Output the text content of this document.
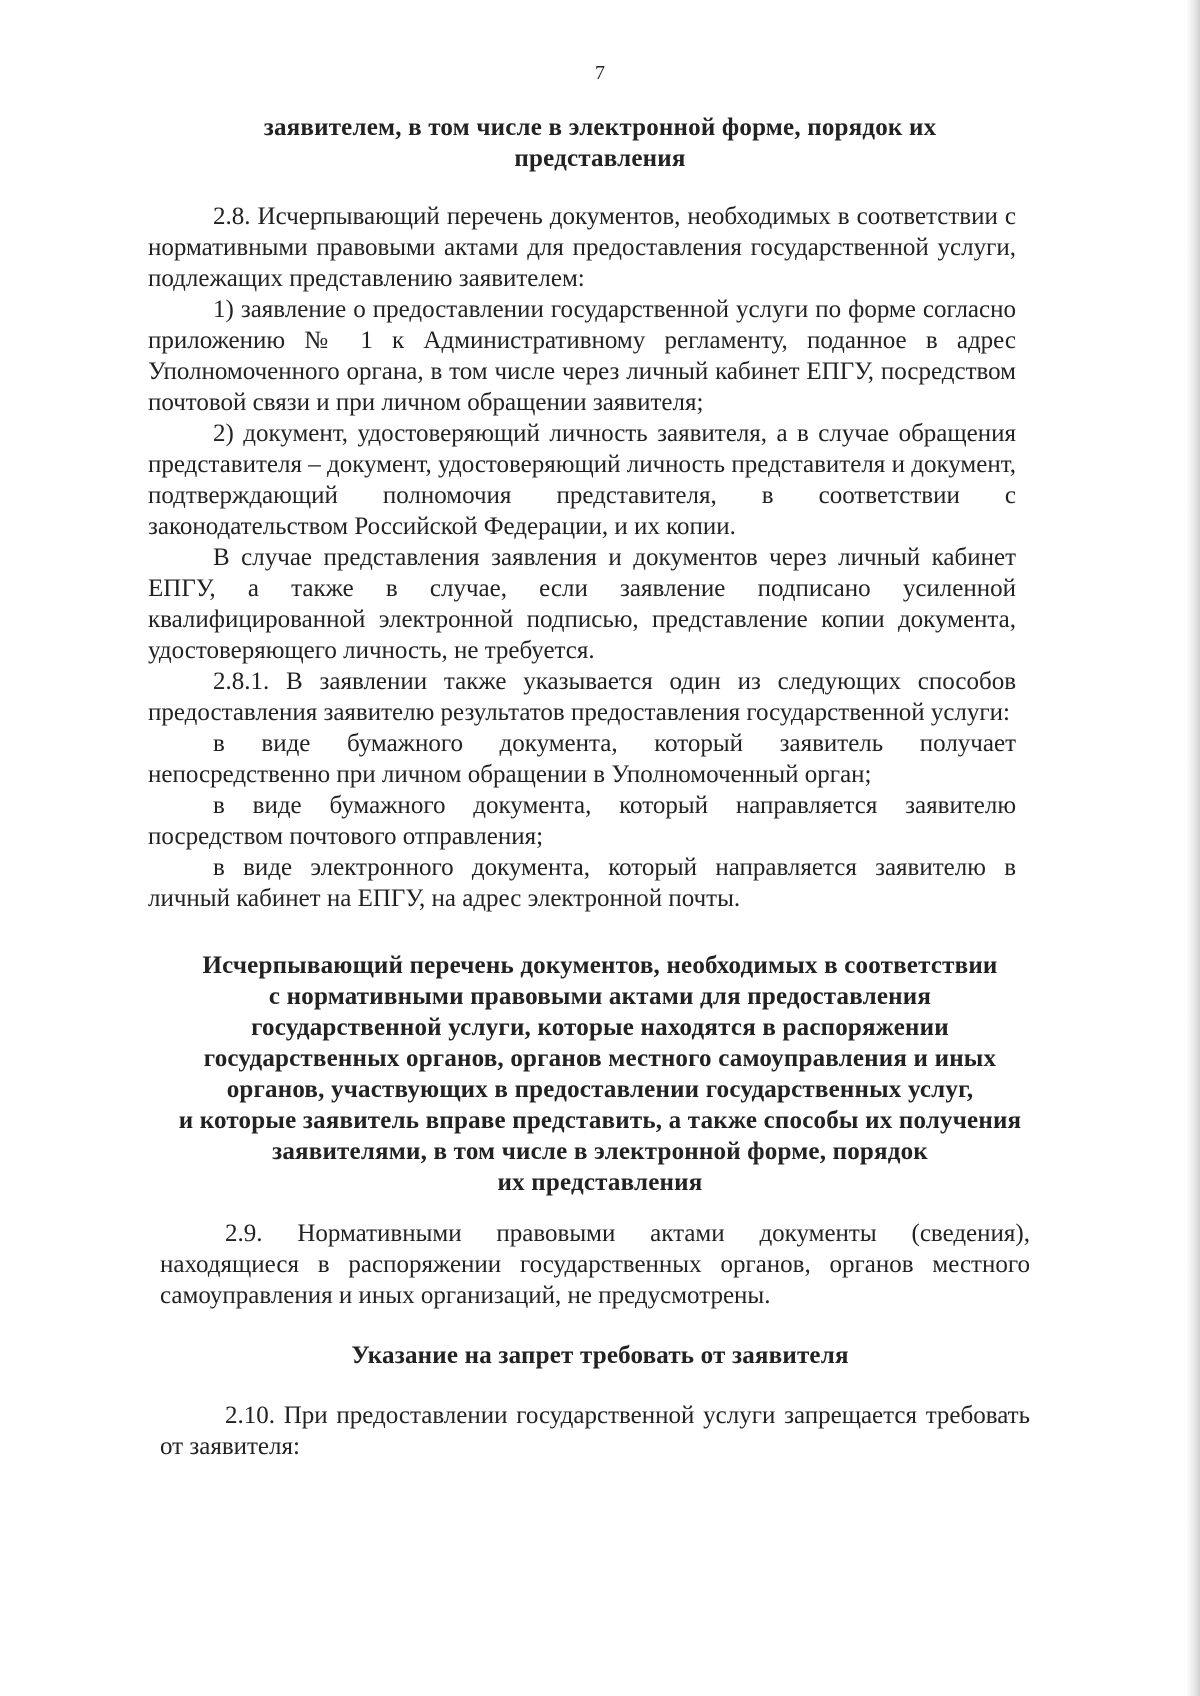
7
заявителем, в том числе в электронной форме, порядок их
представления

2.8. Исчерпывающий перечень документов, необходимых в соответствии с нормативными правовыми актами для предоставления государственной услуги, подлежащих представлению заявителем:

1) заявление о предоставлении государственной услуги по форме согласно приложению № 1 к Административному регламенту, поданное в адрес Уполномоченного органа, в том числе через личный кабинет ЕПГУ, посредством почтовой связи и при личном обращении заявителя;

2) документ, удостоверяющий личность заявителя, а в случае обращения представителя – документ, удостоверяющий личность представителя и документ, подтверждающий полномочия представителя, в соответствии с законодательством Российской Федерации, и их копии.

В случае представления заявления и документов через личный кабинет ЕПГУ, а также в случае, если заявление подписано усиленной квалифицированной электронной подписью, представление копии документа, удостоверяющего личность, не требуется.

2.8.1. В заявлении также указывается один из следующих способов предоставления заявителю результатов предоставления государственной услуги:

в виде бумажного документа, который заявитель получает непосредственно при личном обращении в Уполномоченный орган;

в виде бумажного документа, который направляется заявителю посредством почтового отправления;

в виде электронного документа, который направляется заявителю в личный кабинет на ЕПГУ, на адрес электронной почты.

Исчерпывающий перечень документов, необходимых в соответствии
с нормативными правовыми актами для предоставления
государственной услуги, которые находятся в распоряжении
государственных органов, органов местного самоуправления и иных
органов, участвующих в предоставлении государственных услуг,
и которые заявитель вправе представить, а также способы их получения
заявителями, в том числе в электронной форме, порядок
их представления

2.9. Нормативными правовыми актами документы (сведения), находящиеся в распоряжении государственных органов, органов местного самоуправления и иных организаций, не предусмотрены.

Указание на запрет требовать от заявителя

2.10. При предоставлении государственной услуги запрещается требовать от заявителя:
